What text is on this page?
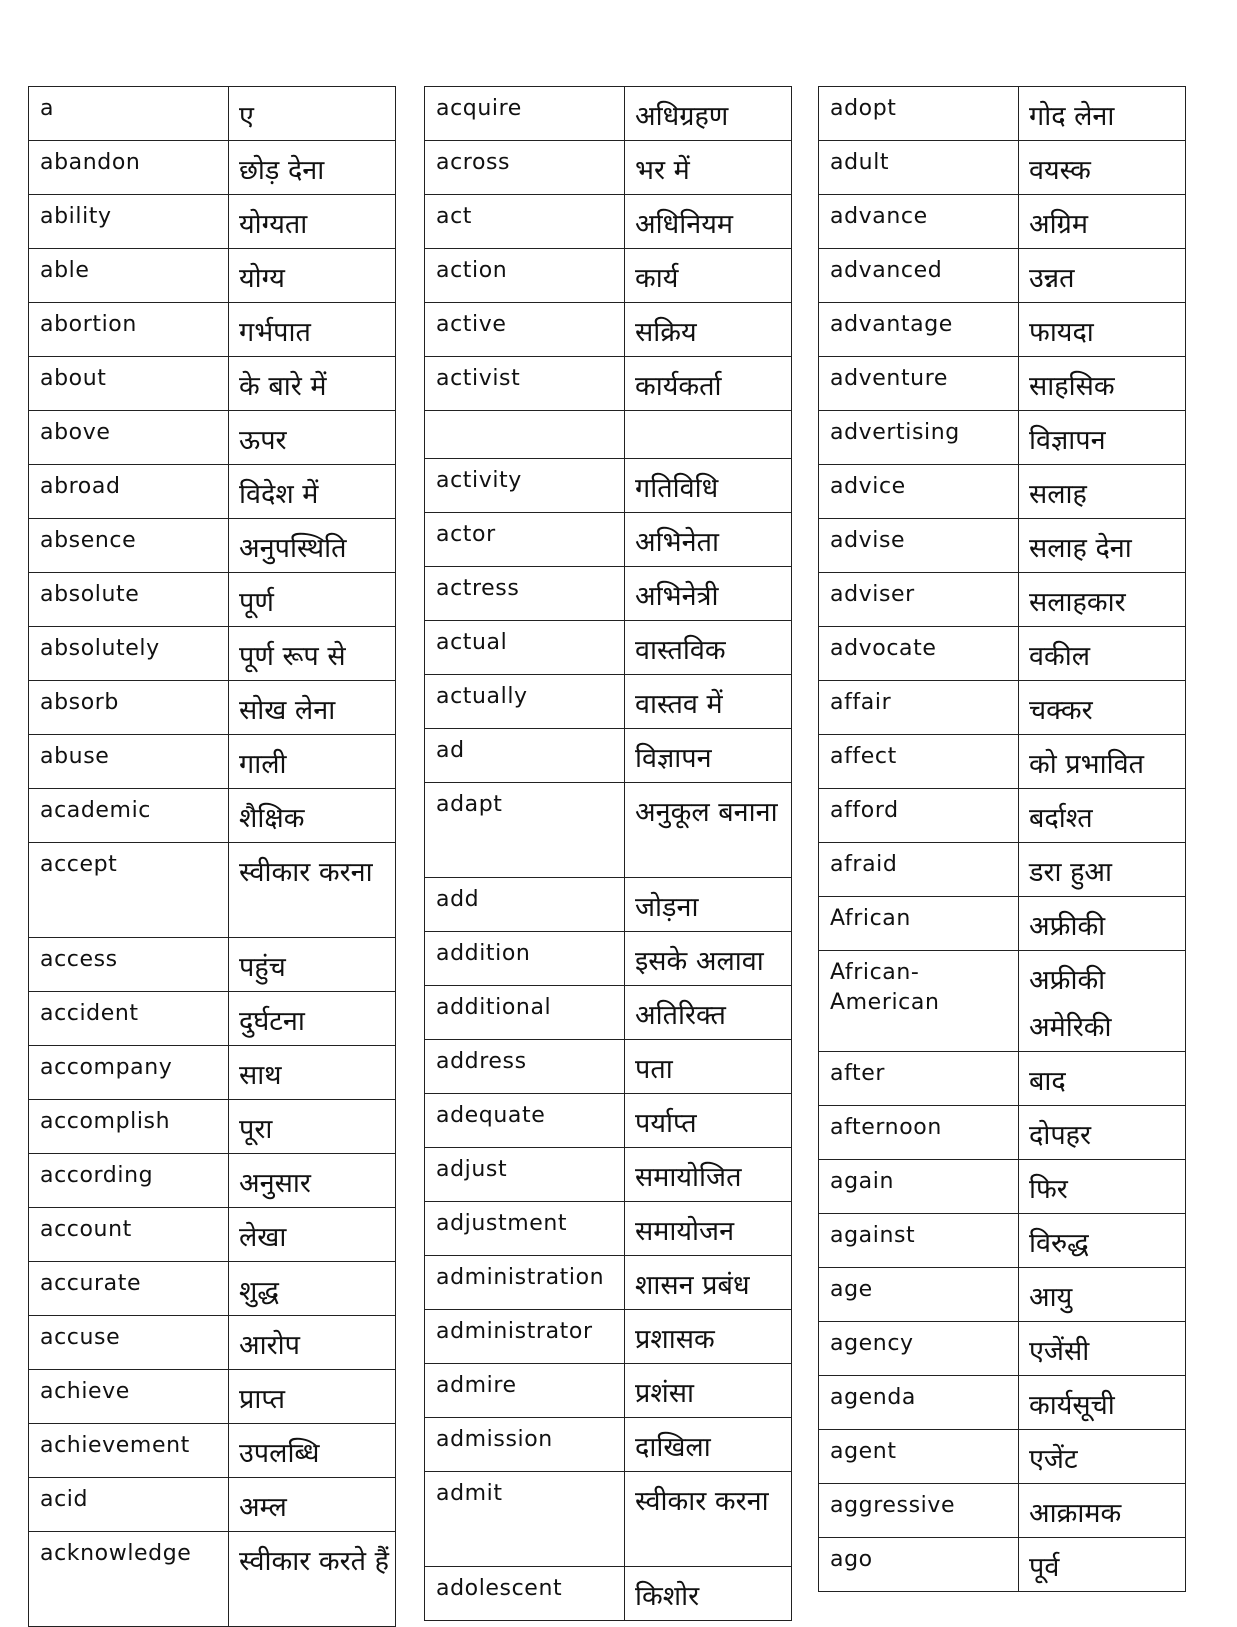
a	ए
abandon	छोड़ देना
ability	योग्यता
able	योग्य
abortion	गर्भपात
about	के बारे में
above	ऊपर
abroad	विदेश में
absence	अनुपस्थिति
absolute	पूर्ण
absolutely	पूर्ण रूप से
absorb	सोख लेना
abuse	गाली
academic	शैक्षिक
accept	स्वीकार करना
access	पहुंच
accident	दुर्घटना
accompany	साथ
accomplish	पूरा
according	अनुसार
account	लेखा
accurate	शुद्ध
accuse	आरोप
achieve	प्राप्त
achievement	उपलब्धि
acid	अम्ल
acknowledge	स्वीकार करते हैं
acquire	अधिग्रहण
across	भर में
act	अधिनियम
action	कार्य
active	सक्रिय
activist	कार्यकर्ता

activity	गतिविधि
actor	अभिनेता
actress	अभिनेत्री
actual	वास्तविक
actually	वास्तव में
ad	विज्ञापन
adapt	अनुकूल बनाना
add	जोड़ना
addition	इसके अलावा
additional	अतिरिक्त
address	पता
adequate	पर्याप्त
adjust	समायोजित
adjustment	समायोजन
administration	शासन प्रबंध
administrator	प्रशासक
admire	प्रशंसा
admission	दाखिला
admit	स्वीकार करना
adolescent	किशोर
adopt	गोद लेना
adult	वयस्क
advance	अग्रिम
advanced	उन्नत
advantage	फायदा
adventure	साहसिक
advertising	विज्ञापन
advice	सलाह
advise	सलाह देना
adviser	सलाहकार
advocate	वकील
affair	चक्कर
affect	को प्रभावित
afford	बर्दाश्त
afraid	डरा हुआ
African	अफ्रीकी
African-American	अफ्रीकी अमेरिकी
after	बाद
afternoon	दोपहर
again	फिर
against	विरुद्ध
age	आयु
agency	एजेंसी
agenda	कार्यसूची
agent	एजेंट
aggressive	आक्रामक
ago	पूर्व
